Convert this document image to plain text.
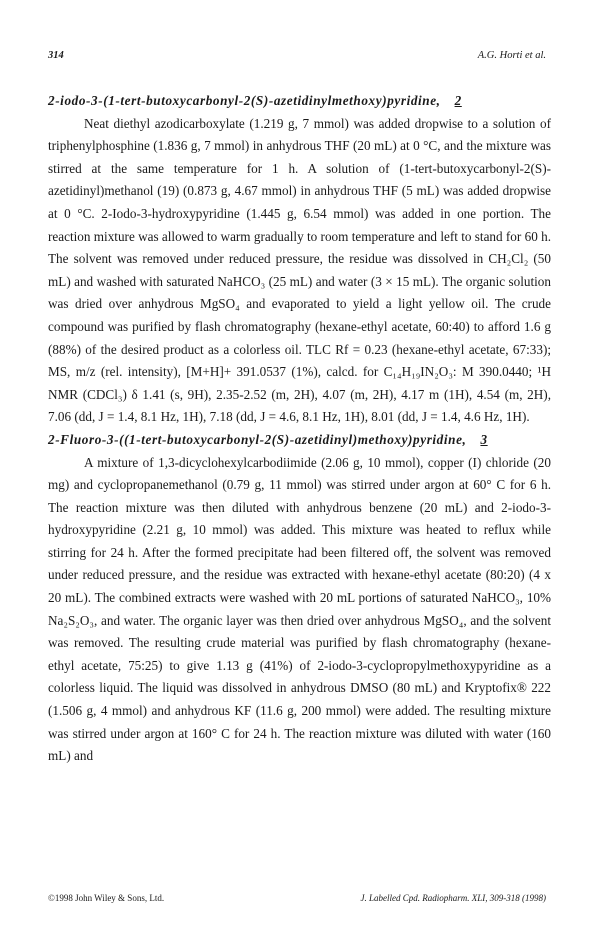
314	A.G. Horti et al.

2-iodo-3-(1-tert-butoxycarbonyl-2(S)-azetidinylmethoxy)pyridine, 2

Neat diethyl azodicarboxylate (1.219 g, 7 mmol) was added dropwise to a solution of triphenylphosphine (1.836 g, 7 mmol) in anhydrous THF (20 mL) at 0 °C, and the mixture was stirred at the same temperature for 1 h. A solution of (1-tert-butoxycarbonyl-2(S)-azetidinyl)methanol (19) (0.873 g, 4.67 mmol) in anhydrous THF (5 mL) was added dropwise at 0 °C. 2-Iodo-3-hydroxypyridine (1.445 g, 6.54 mmol) was added in one portion. The reaction mixture was allowed to warm gradually to room temperature and left to stand for 60 h. The solvent was removed under reduced pressure, the residue was dissolved in CH₂Cl₂ (50 mL) and washed with saturated NaHCO₃ (25 mL) and water (3 × 15 mL). The organic solution was dried over anhydrous MgSO₄ and evaporated to yield a light yellow oil. The crude compound was purified by flash chromatography (hexane-ethyl acetate, 60:40) to afford 1.6 g (88%) of the desired product as a colorless oil. TLC Rf = 0.23 (hexane-ethyl acetate, 67:33); MS, m/z (rel. intensity), [M+H]+ 391.0537 (1%), calcd. for C₁₄H₁₉IN₂O₃: M 390.0440; ¹H NMR (CDCl₃) δ 1.41 (s, 9H), 2.35-2.52 (m, 2H), 4.07 (m, 2H), 4.17 m (1H), 4.54 (m, 2H), 7.06 (dd, J = 1.4, 8.1 Hz, 1H), 7.18 (dd, J = 4.6, 8.1 Hz, 1H), 8.01 (dd, J = 1.4, 4.6 Hz, 1H).

2-Fluoro-3-((1-tert-butoxycarbonyl-2(S)-azetidinyl)methoxy)pyridine, 3

A mixture of 1,3-dicyclohexylcarbodiimide (2.06 g, 10 mmol), copper (I) chloride (20 mg) and cyclopropanemethanol (0.79 g, 11 mmol) was stirred under argon at 60° C for 6 h. The reaction mixture was then diluted with anhydrous benzene (20 mL) and 2-iodo-3-hydroxypyridine (2.21 g, 10 mmol) was added. This mixture was heated to reflux while stirring for 24 h. After the formed precipitate had been filtered off, the solvent was removed under reduced pressure, and the residue was extracted with hexane-ethyl acetate (80:20) (4 x 20 mL). The combined extracts were washed with 20 mL portions of saturated NaHCO₃, 10% Na₂S₂O₃, and water. The organic layer was then dried over anhydrous MgSO₄, and the solvent was removed. The resulting crude material was purified by flash chromatography (hexane-ethyl acetate, 75:25) to give 1.13 g (41%) of 2-iodo-3-cyclopropylmethoxypyridine as a colorless liquid. The liquid was dissolved in anhydrous DMSO (80 mL) and Kryptofix® 222 (1.506 g, 4 mmol) and anhydrous KF (11.6 g, 200 mmol) were added. The resulting mixture was stirred under argon at 160° C for 24 h. The reaction mixture was diluted with water (160 mL) and

©1998 John Wiley & Sons, Ltd.	J. Labelled Cpd. Radiopharm. XLI, 309-318 (1998)
